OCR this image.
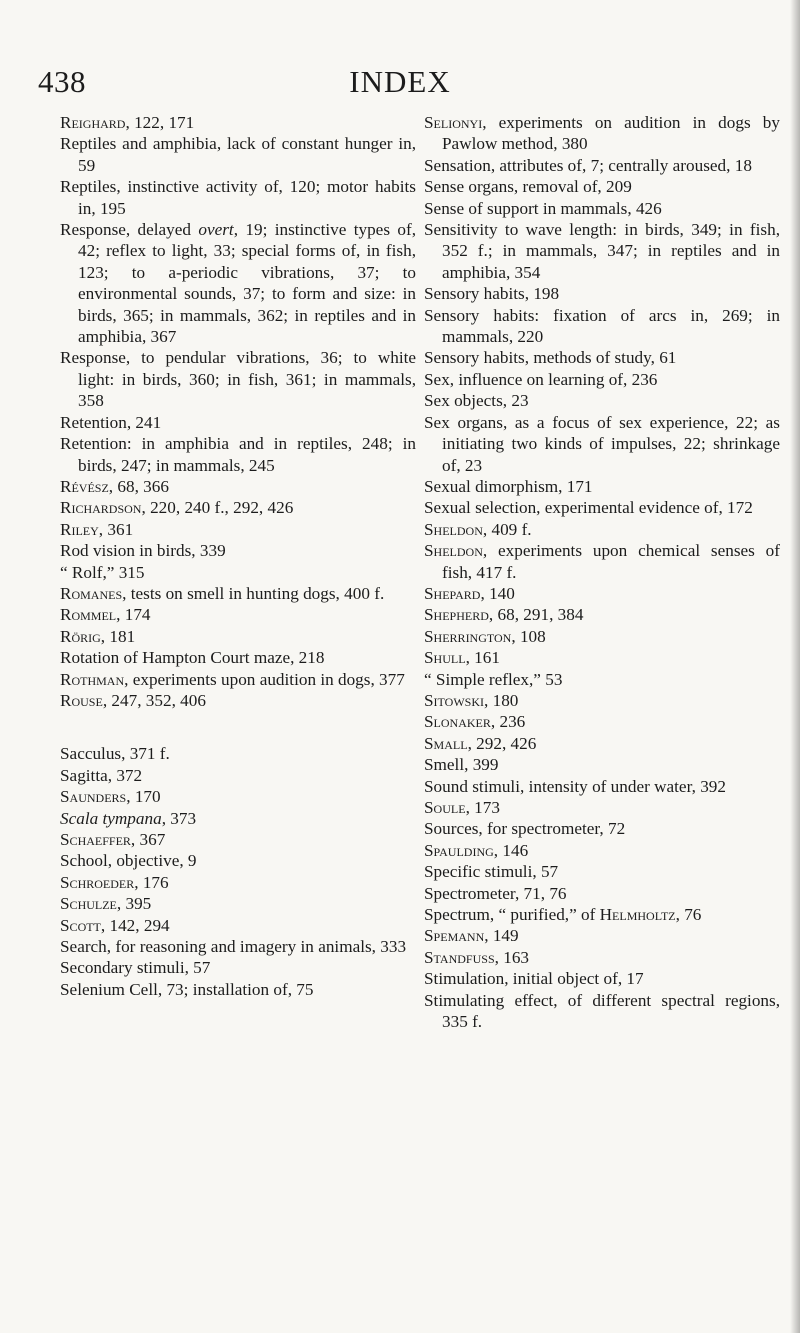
438	INDEX

Reighard, 122, 171

Reptiles and amphibia, lack of constant hunger in, 59

Reptiles, instinctive activity of, 120; motor habits in, 195

Response, delayed overt, 19; instinctive types of, 42; reflex to light, 33; special forms of, in fish, 123; to a-periodic vibrations, 37; to environmental sounds, 37; to form and size: in birds, 365; in mammals, 362; in reptiles and in amphibia, 367

Response, to pendular vibrations, 36; to white light: in birds, 360; in fish, 361; in mammals, 358

Retention, 241

Retention: in amphibia and in reptiles, 248; in birds, 247; in mammals, 245

Révész, 68, 366

Richardson, 220, 240 f., 292, 426

Riley, 361

Rod vision in birds, 339

“ Rolf,” 315

Romanes, tests on smell in hunting dogs, 400 f.

Rommel, 174

Rörig, 181

Rotation of Hampton Court maze, 218

Rothman, experiments upon audition in dogs, 377

Rouse, 247, 352, 406

Sacculus, 371 f.

Sagitta, 372

Saunders, 170

Scala tympana, 373

Schaeffer, 367

School, objective, 9

Schroeder, 176

Schulze, 395

Scott, 142, 294

Search, for reasoning and imagery in animals, 333

Secondary stimuli, 57

Selenium Cell, 73; installation of, 75

Selionyi, experiments on audition in dogs by Pawlow method, 380

Sensation, attributes of, 7; centrally aroused, 18

Sense organs, removal of, 209

Sense of support in mammals, 426

Sensitivity to wave length: in birds, 349; in fish, 352 f.; in mammals, 347; in reptiles and in amphibia, 354

Sensory habits, 198

Sensory habits: fixation of arcs in, 269; in mammals, 220

Sensory habits, methods of study, 61

Sex, influence on learning of, 236

Sex objects, 23

Sex organs, as a focus of sex experience, 22; as initiating two kinds of impulses, 22; shrinkage of, 23

Sexual dimorphism, 171

Sexual selection, experimental evidence of, 172

Sheldon, 409 f.

Sheldon, experiments upon chemical senses of fish, 417 f.

Shepard, 140

Shepherd, 68, 291, 384

Sherrington, 108

Shull, 161

“ Simple reflex,” 53

Sitowski, 180

Slonaker, 236

Small, 292, 426

Smell, 399

Sound stimuli, intensity of under water, 392

Soule, 173

Sources, for spectrometer, 72

Spaulding, 146

Specific stimuli, 57

Spectrometer, 71, 76

Spectrum, “ purified,” of Helmholtz, 76

Spemann, 149

Standfuss, 163

Stimulation, initial object of, 17

Stimulating effect, of different spectral regions, 335 f.
